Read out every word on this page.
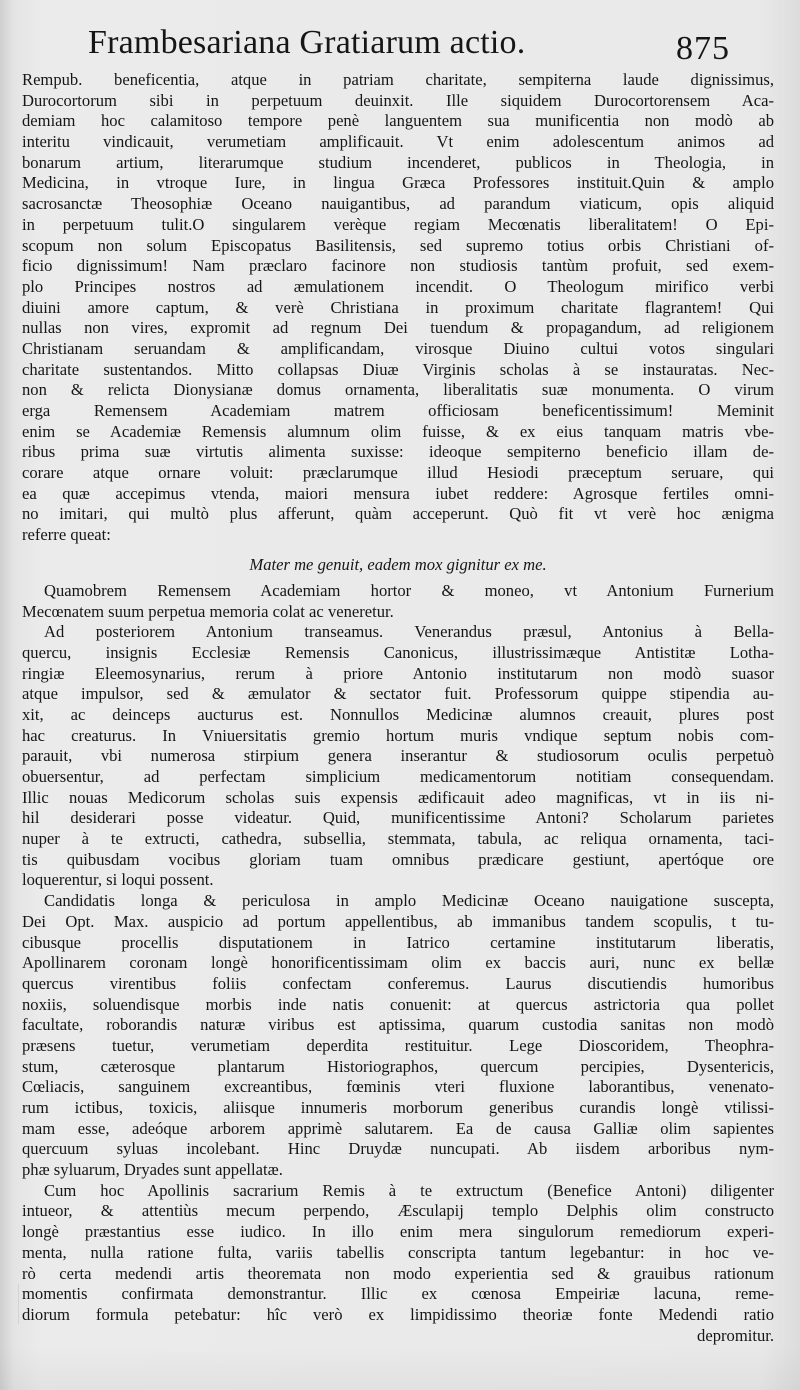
Frambesariana Gratiarum actio.	875
Rempub. beneficentia, atque in patriam charitate, sempiterna laude dignissimus,
Durocortorum sibi in perpetuum deuinxit. Ille siquidem Durocortorensem Aca-
demiam hoc calamitoso tempore penè languentem sua munificentia non modò ab
interitu vindicauit, verumetiam amplificauit. Vt enim adolescentum animos ad
bonarum artium, literarumque studium incenderet, publicos in Theologia, in
Medicina, in vtroque Iure, in lingua Græca Professores instituit.Quin & amplo
sacrosanctæ Theosophiæ Oceano nauigantibus, ad parandum viaticum, opis aliquid
in perpetuum tulit.O singularem verèque regiam Mecœnatis liberalitatem! O Epi-
scopum non solum Episcopatus Basilitensis, sed supremo totius orbis Christiani of-
ficio dignissimum! Nam præclaro facinore non studiosis tantùm profuit, sed exem-
plo Principes nostros ad æmulationem incendit. O Theologum mirifico verbi
diuini amore captum, & verè Christiana in proximum charitate flagrantem! Qui
nullas non vires, expromit ad regnum Dei tuendum & propagandum, ad religionem
Christianam seruandam & amplificandam, virosque Diuino cultui votos singulari
charitate sustentandos. Mitto collapsas Diuæ Virginis scholas à se instauratas. Nec-
non & relicta Dionysianæ domus ornamenta, liberalitatis suæ monumenta. O virum
erga Remensem Academiam matrem officiosam beneficentissimum! Meminit
enim se Academiæ Remensis alumnum olim fuisse, & ex eius tanquam matris vbe-
ribus prima suæ virtutis alimenta suxisse: ideoque sempiterno beneficio illam de-
corare atque ornare voluit: præclarumque illud Hesiodi præceptum seruare, qui
ea quæ accepimus vtenda, maiori mensura iubet reddere: Agrosque fertiles omni-
no imitari, qui multò plus afferunt, quàm acceperunt. Quò fit vt verè hoc ænigma
referre queat:
Mater me genuit, eadem mox gignitur ex me.
Quamobrem Remensem Academiam hortor & moneo, vt Antonium Furnerium
Mecœnatem suum perpetua memoria colat ac veneretur.
Ad posteriorem Antonium transeamus. Venerandus præsul, Antonius à Bella-
quercu, insignis Ecclesiæ Remensis Canonicus, illustrissimæque Antistitæ Lotha-
ringiæ Eleemosynarius, rerum à priore Antonio institutarum non modò suasor
atque impulsor, sed & æmulator & sectator fuit. Professorum quippe stipendia au-
xit, ac deinceps aucturus est. Nonnullos Medicinæ alumnos creauit, plures post
hac creaturus. In Vniuersitatis gremio hortum muris vndique septum nobis com-
parauit, vbi numerosa stirpium genera inserantur & studiosorum oculis perpetuò
obuersentur, ad perfectam simplicium medicamentorum notitiam consequendam.
Illic nouas Medicorum scholas suis expensis ædificauit adeo magnificas, vt in iis ni-
hil desiderari posse videatur. Quid, munificentissime Antoni? Scholarum parietes
nuper à te extructi, cathedra, subsellia, stemmata, tabula, ac reliqua ornamenta, taci-
tis quibusdam vocibus gloriam tuam omnibus prædicare gestiunt, apertóque ore
loquerentur, si loqui possent.
Candidatis longa & periculosa in amplo Medicinæ Oceano nauigatione suscepta,
Dei Opt. Max. auspicio ad portum appellentibus, ab immanibus tandem scopulis, t tu-
cibusque procellis disputationem in Iatrico certamine institutarum liberatis,
Apollinarem coronam longè honorificentissimam olim ex baccis auri, nunc ex bellæ
quercus virentibus foliis confectam conferemus. Laurus discutiendis humoribus
noxiis, soluendisque morbis inde natis conuenit: at quercus astrictoria qua pollet
facultate, roborandis naturæ viribus est aptissima, quarum custodia sanitas non modò
præsens tuetur, verumetiam deperdita restituitur. Lege Dioscoridem, Theophra-
stum, cæterosque plantarum Historiographos, quercum percipies, Dysentericis,
Cœliacis, sanguinem excreantibus, fœminis vteri fluxione laborantibus, venenato-
rum ictibus, toxicis, aliisque innumeris morborum generibus curandis longè vtilissi-
mam esse, adeóque arborem apprimè salutarem. Ea de causa Galliæ olim sapientes
quercuum syluas incolebant. Hinc Druydæ nuncupati. Ab iisdem arboribus nym-
phæ syluarum, Dryades sunt appellatæ.
Cum hoc Apollinis sacrarium Remis à te extructum (Benefice Antoni) diligenter
intueor, & attentiùs mecum perpendo, Æsculapij templo Delphis olim constructo
longè præstantius esse iudico. In illo enim mera singulorum remediorum experi-
menta, nulla ratione fulta, variis tabellis conscripta tantum legebantur: in hoc ve-
rò certa medendi artis theoremata non modo experientia sed & grauibus rationum
momentis confirmata demonstrantur. Illic ex cœnosa Empeiriæ lacuna, reme-
diorum formula petebatur: hîc verò ex limpidissimo theoriæ fonte Medendi ratio
depromitur.
